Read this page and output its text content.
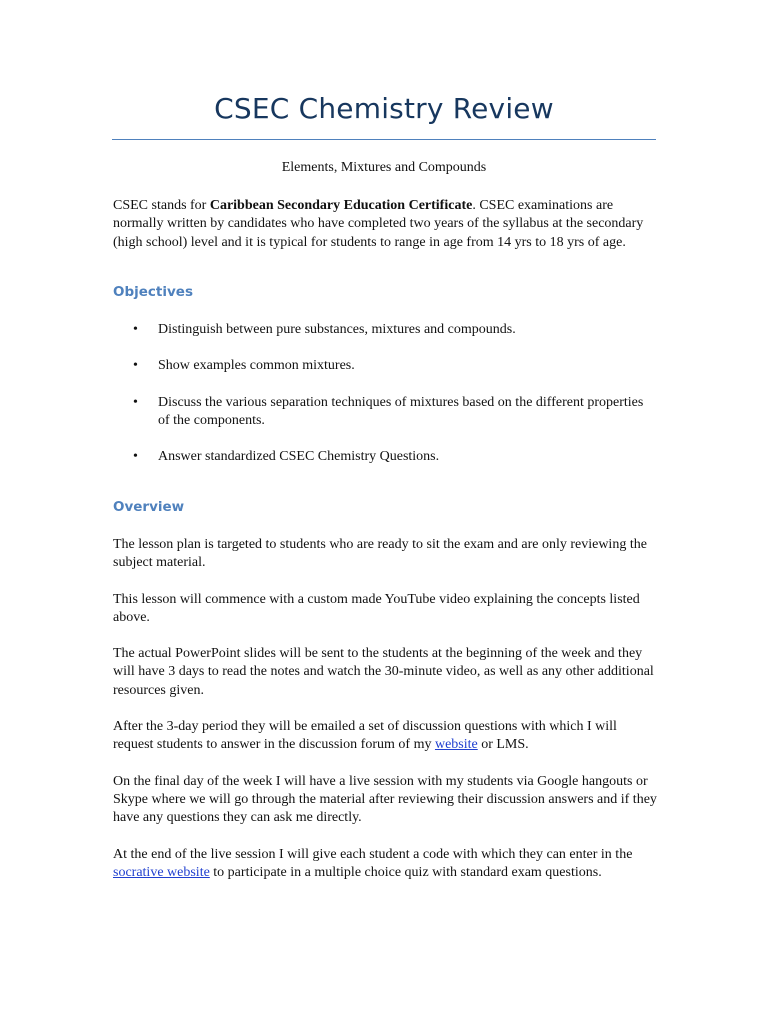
CSEC Chemistry Review

Elements, Mixtures and Compounds

CSEC stands for Caribbean Secondary Education Certificate. CSEC examinations are normally written by candidates who have completed two years of the syllabus at the secondary (high school) level and it is typical for students to range in age from 14 yrs to 18 yrs of age.

Objectives
• Distinguish between pure substances, mixtures and compounds.
• Show examples common mixtures.
• Discuss the various separation techniques of mixtures based on the different properties of the components.
• Answer standardized CSEC Chemistry Questions.
Overview

The lesson plan is targeted to students who are ready to sit the exam and are only reviewing the subject material.

This lesson will commence with a custom made YouTube video explaining the concepts listed above.

The actual PowerPoint slides will be sent to the students at the beginning of the week and they will have 3 days to read the notes and watch the 30-minute video, as well as any other additional resources given.

After the 3-day period they will be emailed a set of discussion questions with which I will request students to answer in the discussion forum of my website or LMS.

On the final day of the week I will have a live session with my students via Google hangouts or Skype where we will go through the material after reviewing their discussion answers and if they have any questions they can ask me directly.

At the end of the live session I will give each student a code with which they can enter in the socrative website to participate in a multiple choice quiz with standard exam questions.
